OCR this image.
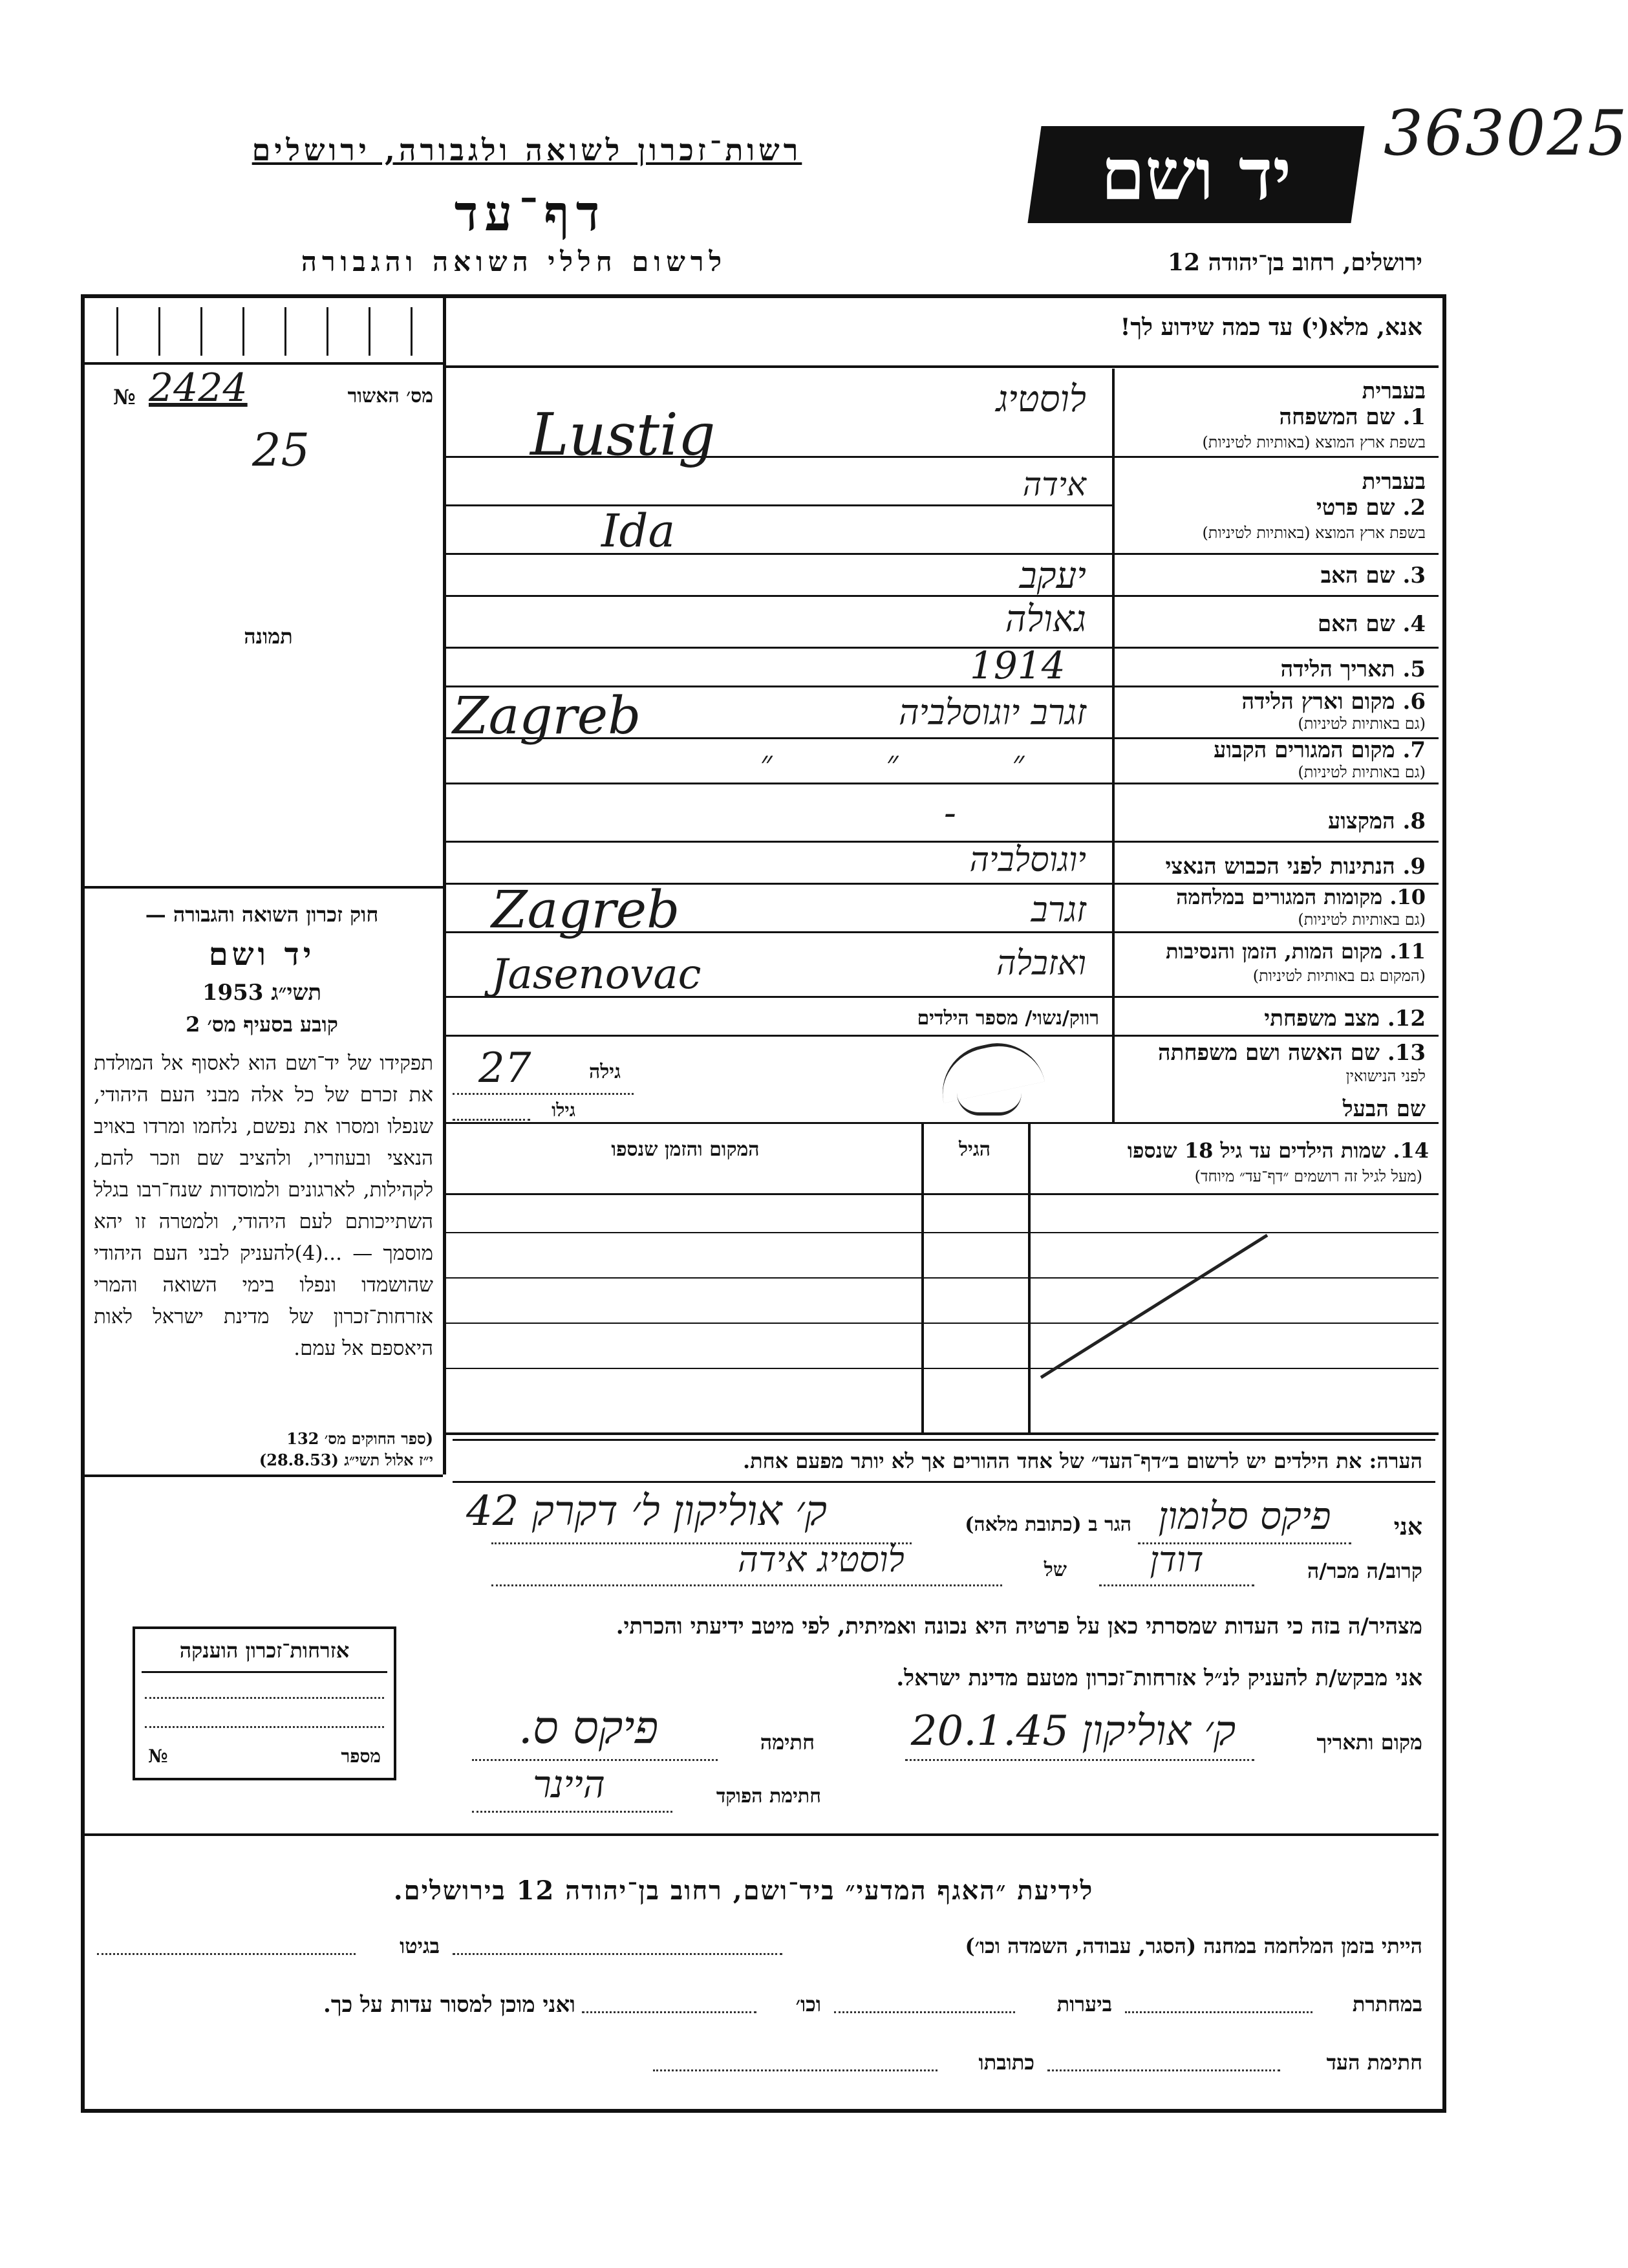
363025
יד ושם
רשות־זכרון לשואה ולגבורה, ירושלים
דף־עד
לרשום חללי השואה והגבורה	ירושלים, רחוב בן־יהודה 12
אנא, מלא(י) עד כמה שידוע לך!
№ 2424
25
מס׳ האשור
תמונה
חוק זכרון השואה והגבורה —
יד ושם
תשי״ג 1953
קובע בסעיף מס׳ 2
תפקידו של יד־ושם הוא לאסוף אל המולדת את זכרם של כל אלה מבני העם היהודי, שנפלו ומסרו את נפשם, נלחמו ומרדו באויב הנאצי ובעוזריו, ולהציב שם וזכר להם, לקהילות, לארגונים ולמוסדות שנח־רבו בגלל השתייכותם לעם היהודי, ולמטרה זו יהא מוסמך — ...(4)להעניק לבני העם היהודי שהושמדו ונפלו בימי השואה והמרי אזרחות־זכרון של מדינת ישראל לאות היאספם אל עמם.
(ספר החוקים מס׳ 132
י״ז אלול תשי״ג (28.8.53)
בעברית
1. שם המשפחה
בשפת ארץ המוצא (באותיות לטיניות)
לוסטיג
Lustig
בעברית
2. שם פרטי
בשפת ארץ המוצא (באותיות לטיניות)
אידה
Ida
3. שם האב
יעקב
4. שם האם
גאולה
5. תאריך הלידה
1914
6. מקום וארץ הלידה
(גם באותיות לטיניות)
זגרב יוגוסלביה
Zagreb
7. מקום המגורים הקבוע
(גם באותיות לטיניות)
״ ״ ״
8. המקצוע
-
9. הנתינות לפני הכבוש הנאצי
יוגוסלביה
10. מקומות המגורים במלחמה
(גם באותיות לטיניות)
זגרב
Zagreb
11. מקום המות, הזמן והנסיבות
(המקום גם באותיות לטיניות)
ואזבלה
Jasenovac
12. מצב משפחתי
רווק/נשוי/ מספר הילדים
13. שם האשה ושם משפחתה
לפני הנישואין
גילה
27
שם הבעל
גילו
14. שמות הילדים עד גיל 18 שנספו
(מעל לגיל זה רושמים ״דף־עד״ מיוחד)
הגיל
המקום והזמן שנספו
הערה: את הילדים יש לרשום ב״דף־העד״ של אחד ההורים אך לא יותר מפעם אחת.
אני
פיקס סלומון
הגר ב (כתובת מלאה)
ק׳ אוליקון ל׳ דקרק 42
קרוב/ה מכר/ה
דודן
של
לוסטיג אידה
מצהיר/ה בזה כי העדות שמסרתי כאן על פרטיה היא נכונה ואמיתית, לפי מיטב ידיעתי והכרתי.
אני מבקש/ת להעניק לנ״ל אזרחות־זכרון מטעם מדינת ישראל.
מקום ותאריך
ק׳ אוליקון 20.1.45
חתימה
פיקס ס.
חתימת הפוקד
היינר
אזרחות־זכרון הוענקה
№	מספר
לידיעת ״האגף המדעי״ ביד־ושם, רחוב בן־יהודה 12 בירושלים.
הייתי בזמן המלחמה במחנה (הסגר, עבודה, השמדה וכו׳)
בגיטו
במחתרת
ביערות
וכו׳
ואני מוכן למסור עדות על כך.
חתימת העד
כתובתו
